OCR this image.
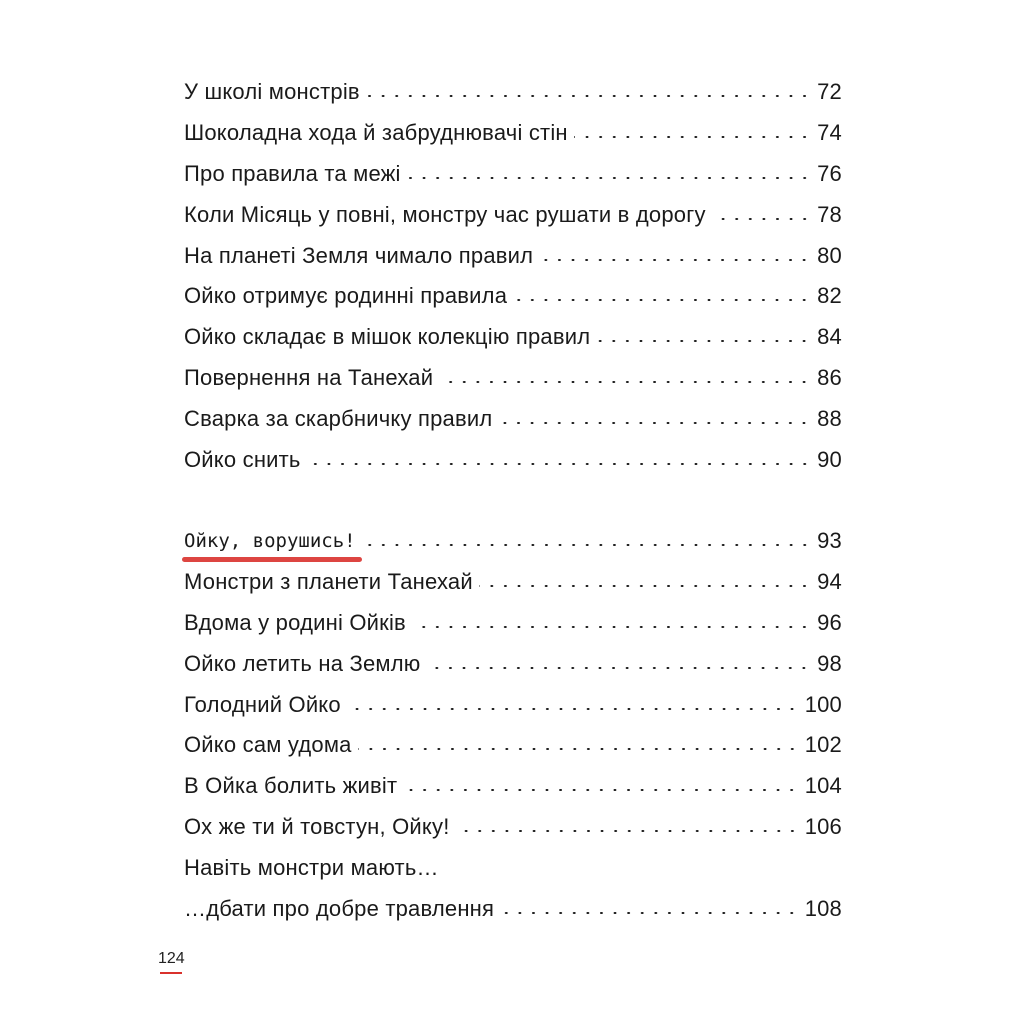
У школі монстрів	72
Шоколадна хода й забруднювачі стін	74
Про правила та межі	76
Коли Місяць у повні, монстру час рушати в дорогу	78
На планеті Земля чимало правил	80
Ойко отримує родинні правила	82
Ойко складає в мішок колекцію правил	84
Повернення на Танехай	86
Сварка за скарбничку правил	88
Ойко снить	90
Ойку, ворушись!	93
Монстри з планети Танехай	94
Вдома у родині Ойків	96
Ойко летить на Землю	98
Голодний Ойко	100
Ойко сам удома	102
В Ойка болить живіт	104
Ох же ти й товстун, Ойку!	106
Навіть монстри мають…
…дбати про добре травлення	108
124
